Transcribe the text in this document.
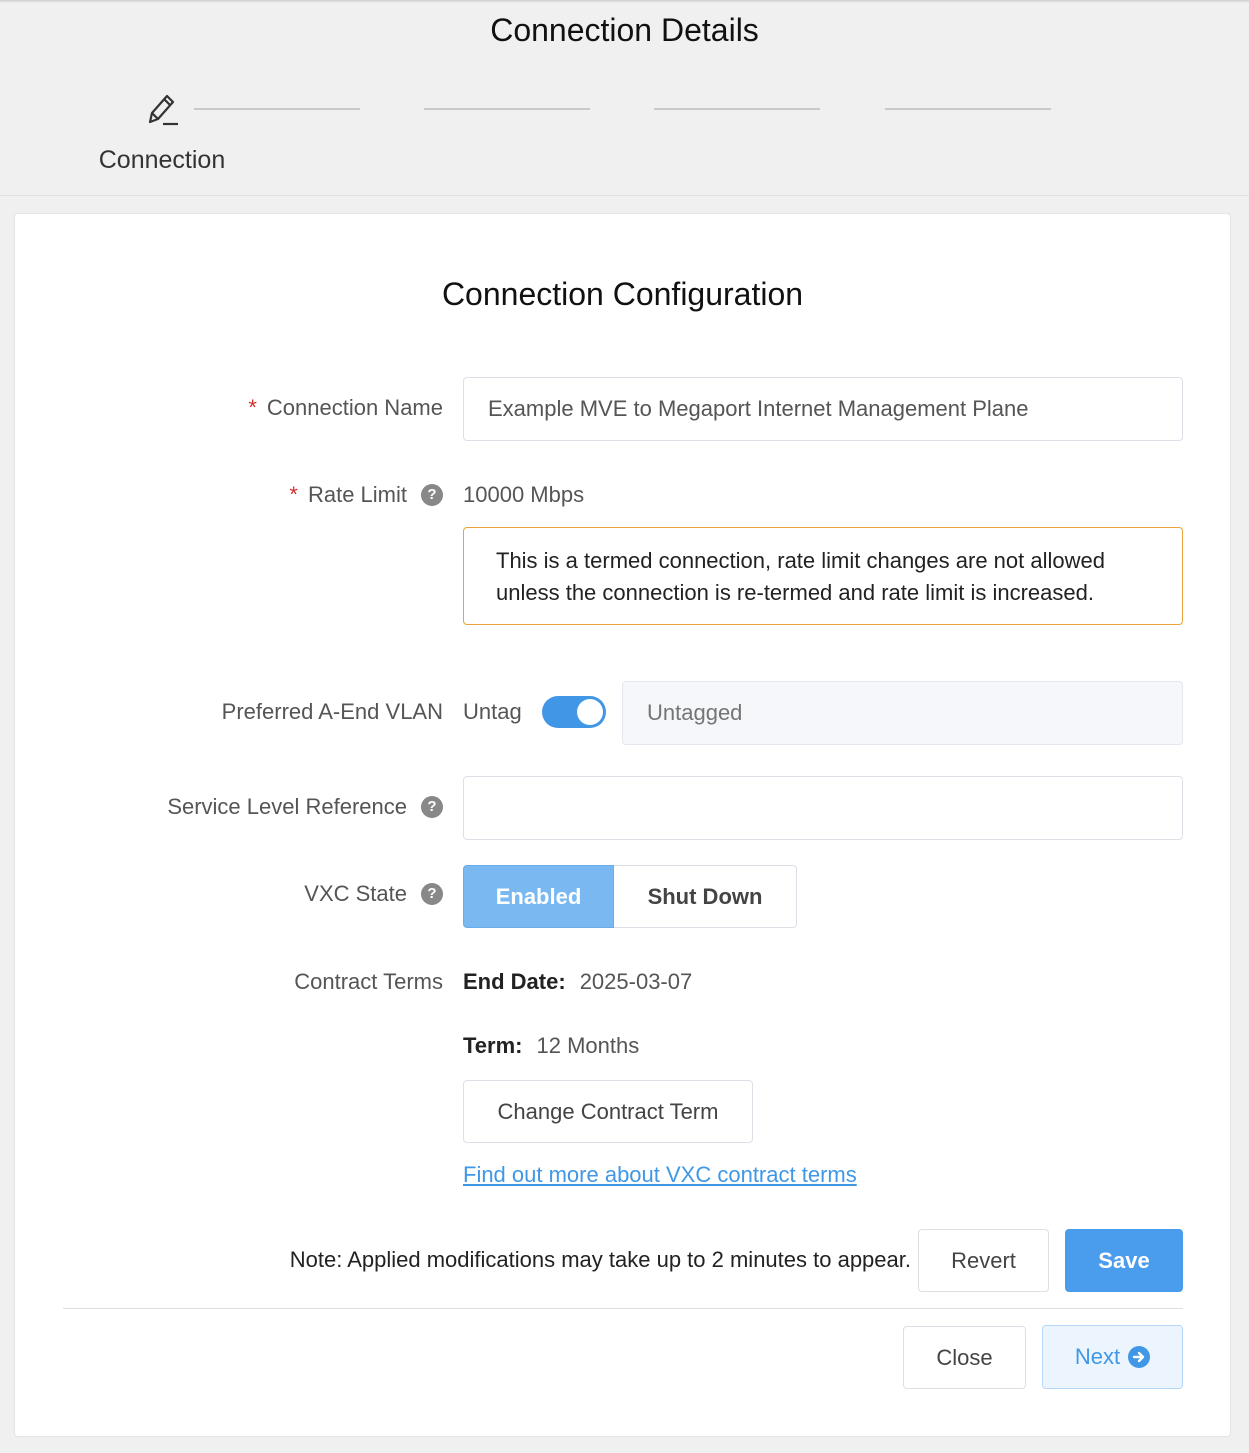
Connection Details
Connection
Connection Configuration
* Connection Name
Example MVE to Megaport Internet Management Plane
* Rate Limit	? 10000 Mbps
This is a termed connection, rate limit changes are not allowed unless the connection is re-termed and rate limit is increased.
Preferred A-End VLAN Untag
Untagged
Service Level Reference	?
VXC State	?	Enabled	Shut Down
Contract Terms End Date: 2025-03-07
Term: 12 Months
Change Contract Term
Find out more about VXC contract terms
Note: Applied modifications may take up to 2 minutes to appear.	Revert	Save
Close	Next
